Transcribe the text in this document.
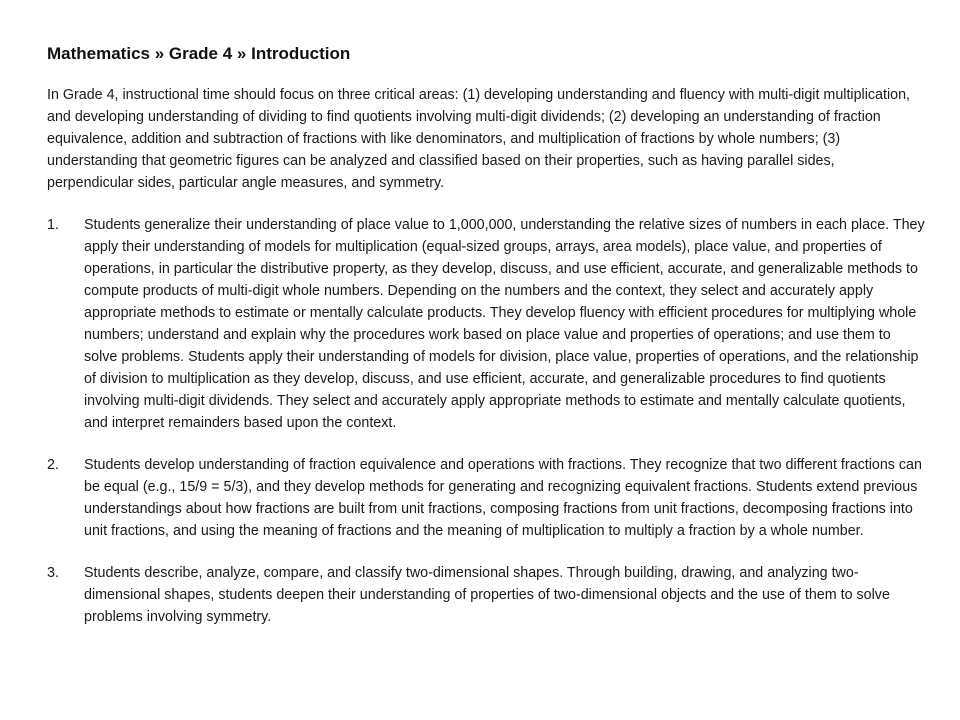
Mathematics » Grade 4 » Introduction

In Grade 4, instructional time should focus on three critical areas: (1) developing understanding and fluency with multi-digit multiplication, and developing understanding of dividing to find quotients involving multi-digit dividends; (2) developing an understanding of fraction equivalence, addition and subtraction of fractions with like denominators, and multiplication of fractions by whole numbers; (3) understanding that geometric figures can be analyzed and classified based on their properties, such as having parallel sides, perpendicular sides, particular angle measures, and symmetry.

1.	Students generalize their understanding of place value to 1,000,000, understanding the relative sizes of numbers in each place. They apply their understanding of models for multiplication (equal-sized groups, arrays, area models), place value, and properties of operations, in particular the distributive property, as they develop, discuss, and use efficient, accurate, and generalizable methods to compute products of multi-digit whole numbers. Depending on the numbers and the context, they select and accurately apply appropriate methods to estimate or mentally calculate products. They develop fluency with efficient procedures for multiplying whole numbers; understand and explain why the procedures work based on place value and properties of operations; and use them to solve problems. Students apply their understanding of models for division, place value, properties of operations, and the relationship of division to multiplication as they develop, discuss, and use efficient, accurate, and generalizable procedures to find quotients involving multi-digit dividends. They select and accurately apply appropriate methods to estimate and mentally calculate quotients, and interpret remainders based upon the context.
2.	Students develop understanding of fraction equivalence and operations with fractions. They recognize that two different fractions can be equal (e.g., 15/9 = 5/3), and they develop methods for generating and recognizing equivalent fractions. Students extend previous understandings about how fractions are built from unit fractions, composing fractions from unit fractions, decomposing fractions into unit fractions, and using the meaning of fractions and the meaning of multiplication to multiply a fraction by a whole number.
3.	Students describe, analyze, compare, and classify two-dimensional shapes. Through building, drawing, and analyzing two-dimensional shapes, students deepen their understanding of properties of two-dimensional objects and the use of them to solve problems involving symmetry.
